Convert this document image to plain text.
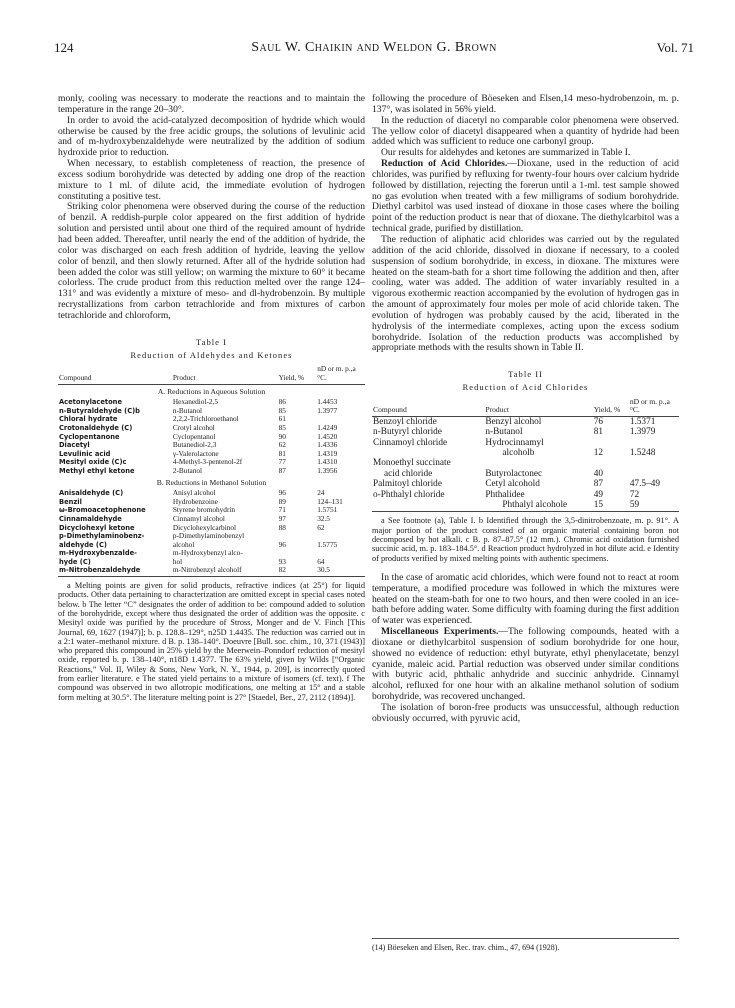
124	Saul W. Chaikin and Weldon G. Brown	Vol. 71

monly, cooling was necessary to moderate the reactions and to maintain the temperature in the range 20–30°.

In order to avoid the acid-catalyzed decomposition of hydride which would otherwise be caused by the free acidic groups, the solutions of levulinic acid and of m-hydroxybenzaldehyde were neutralized by the addition of sodium hydroxide prior to reduction.

When necessary, to establish completeness of reaction, the presence of excess sodium borohydride was detected by adding one drop of the reaction mixture to 1 ml. of dilute acid, the immediate evolution of hydrogen constituting a positive test.

Striking color phenomena were observed during the course of the reduction of benzil. A reddish-purple color appeared on the first addition of hydride solution and persisted until about one third of the required amount of hydride had been added. Thereafter, until nearly the end of the addition of hydride, the color was discharged on each fresh addition of hydride, leaving the yellow color of benzil, and then slowly returned. After all of the hydride solution had been added the color was still yellow; on warming the mixture to 60° it became colorless. The crude product from this reduction melted over the range 124–131° and was evidently a mixture of meso- and dl-hydrobenzoin. By multiple recrystallizations from carbon tetrachloride and from mixtures of carbon tetrachloride and chloroform,

Table I
Reduction of Aldehydes and Ketones
Compound	Product	Yield, %	nD or m. p.,a °C.
A. Reductions in Aqueous Solution			
Acetonylacetone	Hexanediol-2,5	86	1.4453
n-Butyraldehyde (C)b	n-Butanol	85	1.3977
Chloral hydrate	2,2,2-Trichloroethanol	61	
Crotonaldehyde (C)	Crotyl alcohol	85	1.4249
Cyclopentanone	Cyclopentanol	90	1.4520
Diacetyl	Butanediol-2,3	62	1.4336
Levulinic acid	γ-Valerolactone	81	1.4319
Mesityl oxide (C)c	4-Methyl-3-pentenol-2f	77	1.4310
Methyl ethyl ketone	2-Butanol	87	1.3956
B. Reductions in Methanol Solution			
Anisaldehyde (C)	Anisyl alcohol	96	24
Benzil	Hydrobenzoine	89	124–131
ω-Bromoacetophenone	Styrene bromohydrin	71	1.5751
Cinnamaldehyde	Cinnamyl alcohol	97	32.5
Dicyclohexyl ketone	Dicyclohexylcarbinol	88	62
p-Dimethylaminobenz-	p-Dimethylaminobenzyl		
aldehyde (C)	alcohol	96	1.5775
m-Hydroxybenzalde-	m-Hydroxybenzyl alco-		
hyde (C)	hol	93	64
m-Nitrobenzaldehyde	m-Nitrobenzyl alcoholf	82	30.5

a Melting points are given for solid products, refractive indices (at 25°) for liquid products. Other data pertaining to characterization are omitted except in special cases noted below. b The letter “C” designates the order of addition to be: compound added to solution of the borohydride, except where thus designated the order of addition was the opposite. c Mesityl oxide was purified by the procedure of Stross, Monger and de V. Finch [This Journal, 69, 1627 (1947)]; b. p. 128.8–129°, n25D 1.4435. The reduction was carried out in a 2:1 water–methanol mixture. d B. p. 138–140°. Doeuvre [Bull. soc. chim., 10, 371 (1943)] who prepared this compound in 25% yield by the Meerwein–Ponndorf reduction of mesityl oxide, reported b. p. 138–140°, n18D 1.4377. The 63% yield, given by Wilds [“Organic Reactions,” Vol. II, Wiley & Sons, New York, N. Y., 1944, p. 209], is incorrectly quoted from earlier literature. e The stated yield pertains to a mixture of isomers (cf. text). f The compound was observed in two allotropic modifications, one melting at 15° and a stable form melting at 30.5°. The literature melting point is 27° [Staedel, Ber., 27, 2112 (1894)].

following the procedure of Böeseken and Elsen,14 meso-hydrobenzoin, m. p. 137°, was isolated in 56% yield.

In the reduction of diacetyl no comparable color phenomena were observed. The yellow color of diacetyl disappeared when a quantity of hydride had been added which was sufficient to reduce one carbonyl group.

Our results for aldehydes and ketones are summarized in Table I.

Reduction of Acid Chlorides.—Dioxane, used in the reduction of acid chlorides, was purified by refluxing for twenty-four hours over calcium hydride followed by distillation, rejecting the forerun until a 1-ml. test sample showed no gas evolution when treated with a few milligrams of sodium borohydride. Diethyl carbitol was used instead of dioxane in those cases where the boiling point of the reduction product is near that of dioxane. The diethylcarbitol was a technical grade, purified by distillation.

The reduction of aliphatic acid chlorides was carried out by the regulated addition of the acid chloride, dissolved in dioxane if necessary, to a cooled suspension of sodium borohydride, in excess, in dioxane. The mixtures were heated on the steam-bath for a short time following the addition and then, after cooling, water was added. The addition of water invariably resulted in a vigorous exothermic reaction accompanied by the evolution of hydrogen gas in the amount of approximately four moles per mole of acid chloride taken. The evolution of hydrogen was probably caused by the acid, liberated in the hydrolysis of the intermediate complexes, acting upon the excess sodium borohydride. Isolation of the reduction products was accomplished by appropriate methods with the results shown in Table II.

Table II
Reduction of Acid Chlorides
Compound	Product	Yield, %	nD or m. p.,a °C.
Benzoyl chloride	Benzyl alcohol	76	1.5371
n-Butyryl chloride	n-Butanol	81	1.3979
Cinnamoyl chloride	Hydrocinnamyl		
	alcoholb	12	1.5248
Monoethyl succinate			
acid chloride	Butyrolactonec	40	
Palmitoyl chloride	Cetyl alcohold	87	47.5–49
o-Phthalyl chloride	Phthalidee	49	72
	Phthalyl alcohole	15	59

a See footnote (a), Table I. b Identified through the 3,5-dinitrobenzoate, m. p. 91°. A major portion of the product consisted of an organic material containing boron not decomposed by hot alkali. c B. p. 87–87.5° (12 mm.). Chromic acid oxidation furnished succinic acid, m. p. 183–184.5°. d Reaction product hydrolyzed in hot dilute acid. e Identity of products verified by mixed melting points with authentic specimens.

In the case of aromatic acid chlorides, which were found not to react at room temperature, a modified procedure was followed in which the mixtures were heated on the steam-bath for one to two hours, and then were cooled in an ice-bath before adding water. Some difficulty with foaming during the first addition of water was experienced.

Miscellaneous Experiments.—The following compounds, heated with a dioxane or diethylcarbitol suspension of sodium borohydride for one hour, showed no evidence of reduction: ethyl butyrate, ethyl phenylacetate, benzyl cyanide, maleic acid. Partial reduction was observed under similar conditions with butyric acid, phthalic anhydride and succinic anhydride. Cinnamyl alcohol, refluxed for one hour with an alkaline methanol solution of sodium borohydride, was recovered unchanged.

The isolation of boron-free products was unsuccessful, although reduction obviously occurred, with pyruvic acid,

(14) Böeseken and Elsen, Rec. trav. chim., 47, 694 (1928).
